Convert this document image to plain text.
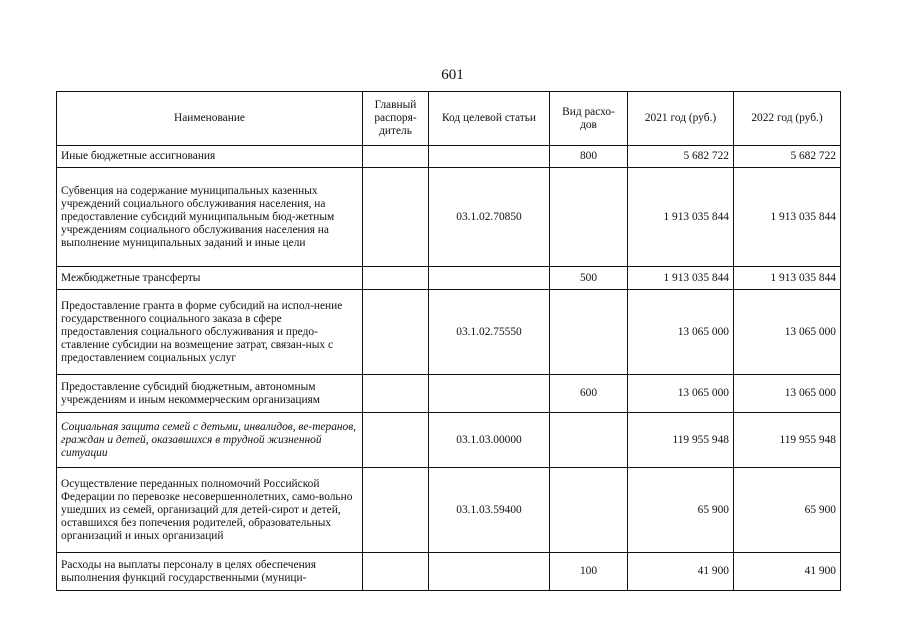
601
Наименование	Главный распоря-дитель	Код целевой статьи	Вид расхо-дов	2021 год (руб.)	2022 год (руб.)
Иные бюджетные ассигнования			800	5 682 722	5 682 722
Субвенция на содержание муниципальных казенных учреждений социального обслуживания населения, на предоставление субсидий муниципальным бюд-жетным учреждениям социального обслуживания населения на выполнение муниципальных заданий и иные цели		03.1.02.70850		1 913 035 844	1 913 035 844
Межбюджетные трансферты			500	1 913 035 844	1 913 035 844
Предоставление гранта в форме субсидий на испол-нение государственного социального заказа в сфере предоставления социального обслуживания и предо-ставление субсидии на возмещение затрат, связан-ных с предоставлением социальных услуг		03.1.02.75550		13 065 000	13 065 000
Предоставление субсидий бюджетным, автономным учреждениям и иным некоммерческим организациям			600	13 065 000	13 065 000
Социальная защита семей с детьми, инвалидов, ве-теранов, граждан и детей, оказавшихся в трудной жизненной ситуации		03.1.03.00000		119 955 948	119 955 948
Осуществление переданных полномочий Российской Федерации по перевозке несовершеннолетних, само-вольно ушедших из семей, организаций для детей-сирот и детей, оставшихся без попечения родителей, образовательных организаций и иных организаций		03.1.03.59400		65 900	65 900
Расходы на выплаты персоналу в целях обеспечения выполнения функций государственными (муници-			100	41 900	41 900
